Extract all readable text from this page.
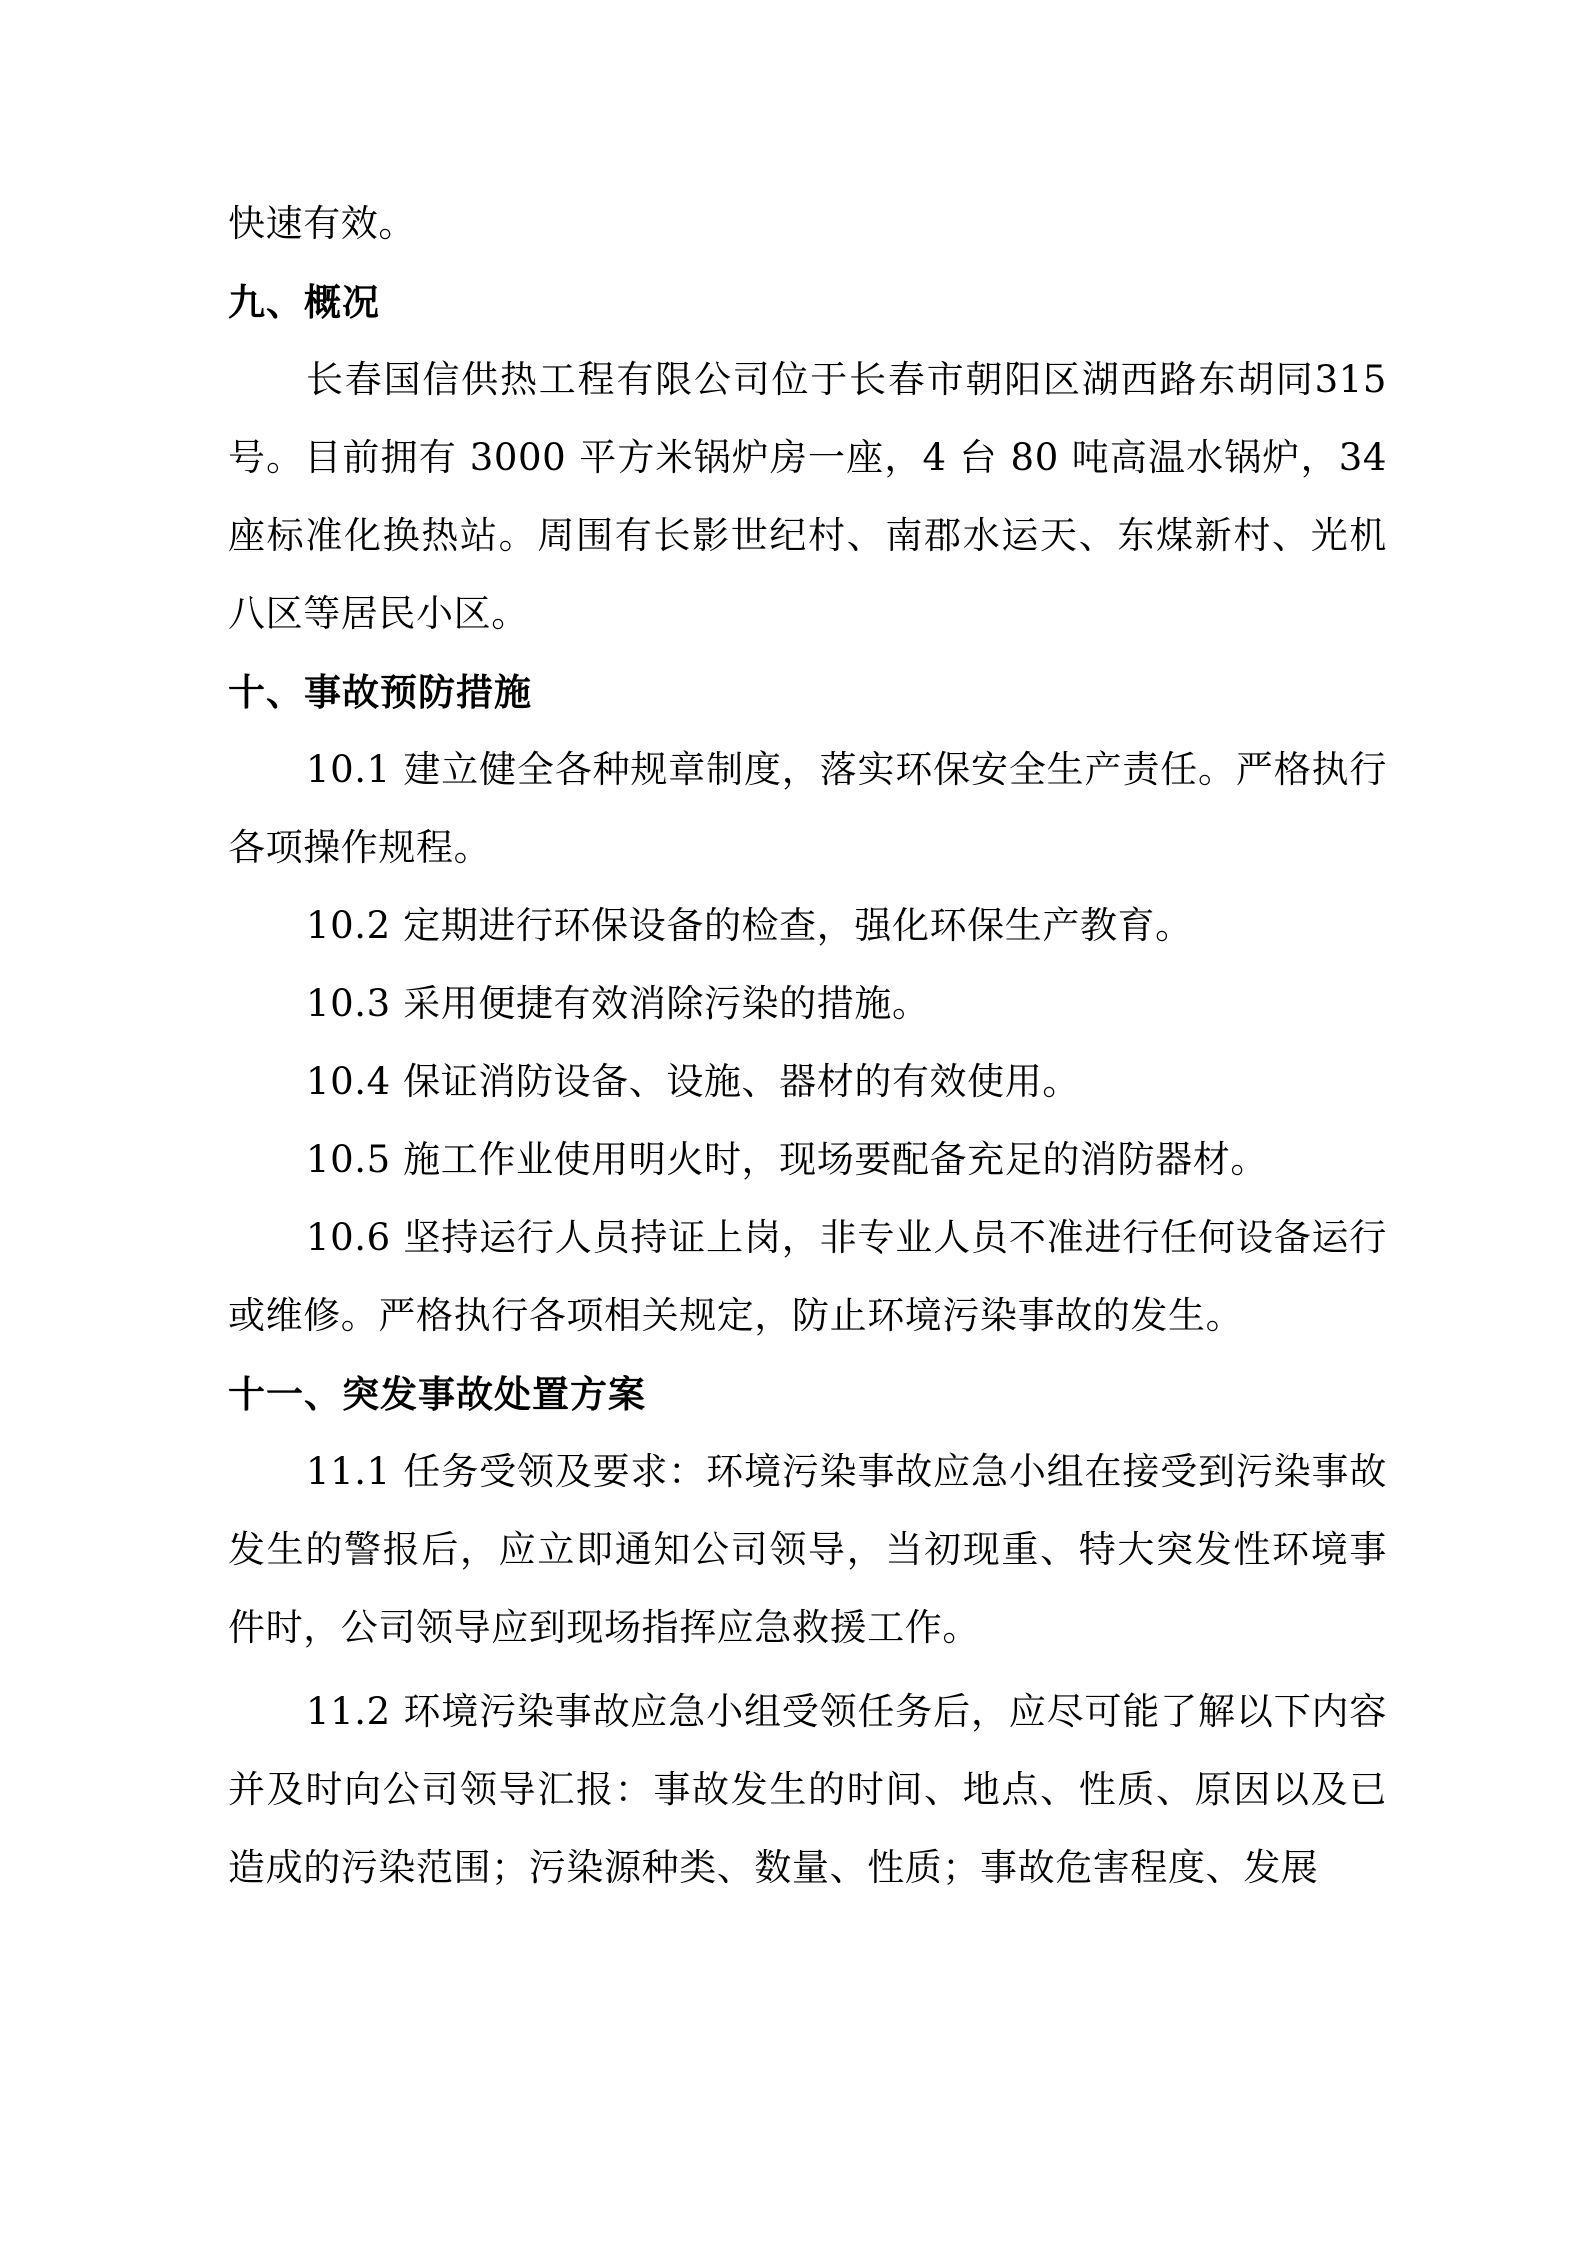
快速有效。

九、概况

长春国信供热工程有限公司位于长春市朝阳区湖西路东胡同315号。目前拥有 3000 平方米锅炉房一座，4 台 80 吨高温水锅炉，34 座标准化换热站。周围有长影世纪村、南郡水运天、东煤新村、光机八区等居民小区。

十、事故预防措施

10.1 建立健全各种规章制度，落实环保安全生产责任。严格执行各项操作规程。

10.2 定期进行环保设备的检查，强化环保生产教育。

10.3 采用便捷有效消除污染的措施。

10.4 保证消防设备、设施、器材的有效使用。

10.5 施工作业使用明火时，现场要配备充足的消防器材。

10.6 坚持运行人员持证上岗，非专业人员不准进行任何设备运行或维修。严格执行各项相关规定，防止环境污染事故的发生。

十一、突发事故处置方案

11.1 任务受领及要求：环境污染事故应急小组在接受到污染事故发生的警报后，应立即通知公司领导，当初现重、特大突发性环境事件时，公司领导应到现场指挥应急救援工作。

11.2 环境污染事故应急小组受领任务后，应尽可能了解以下内容并及时向公司领导汇报：事故发生的时间、地点、性质、原因以及已造成的污染范围；污染源种类、数量、性质；事故危害程度、发展
